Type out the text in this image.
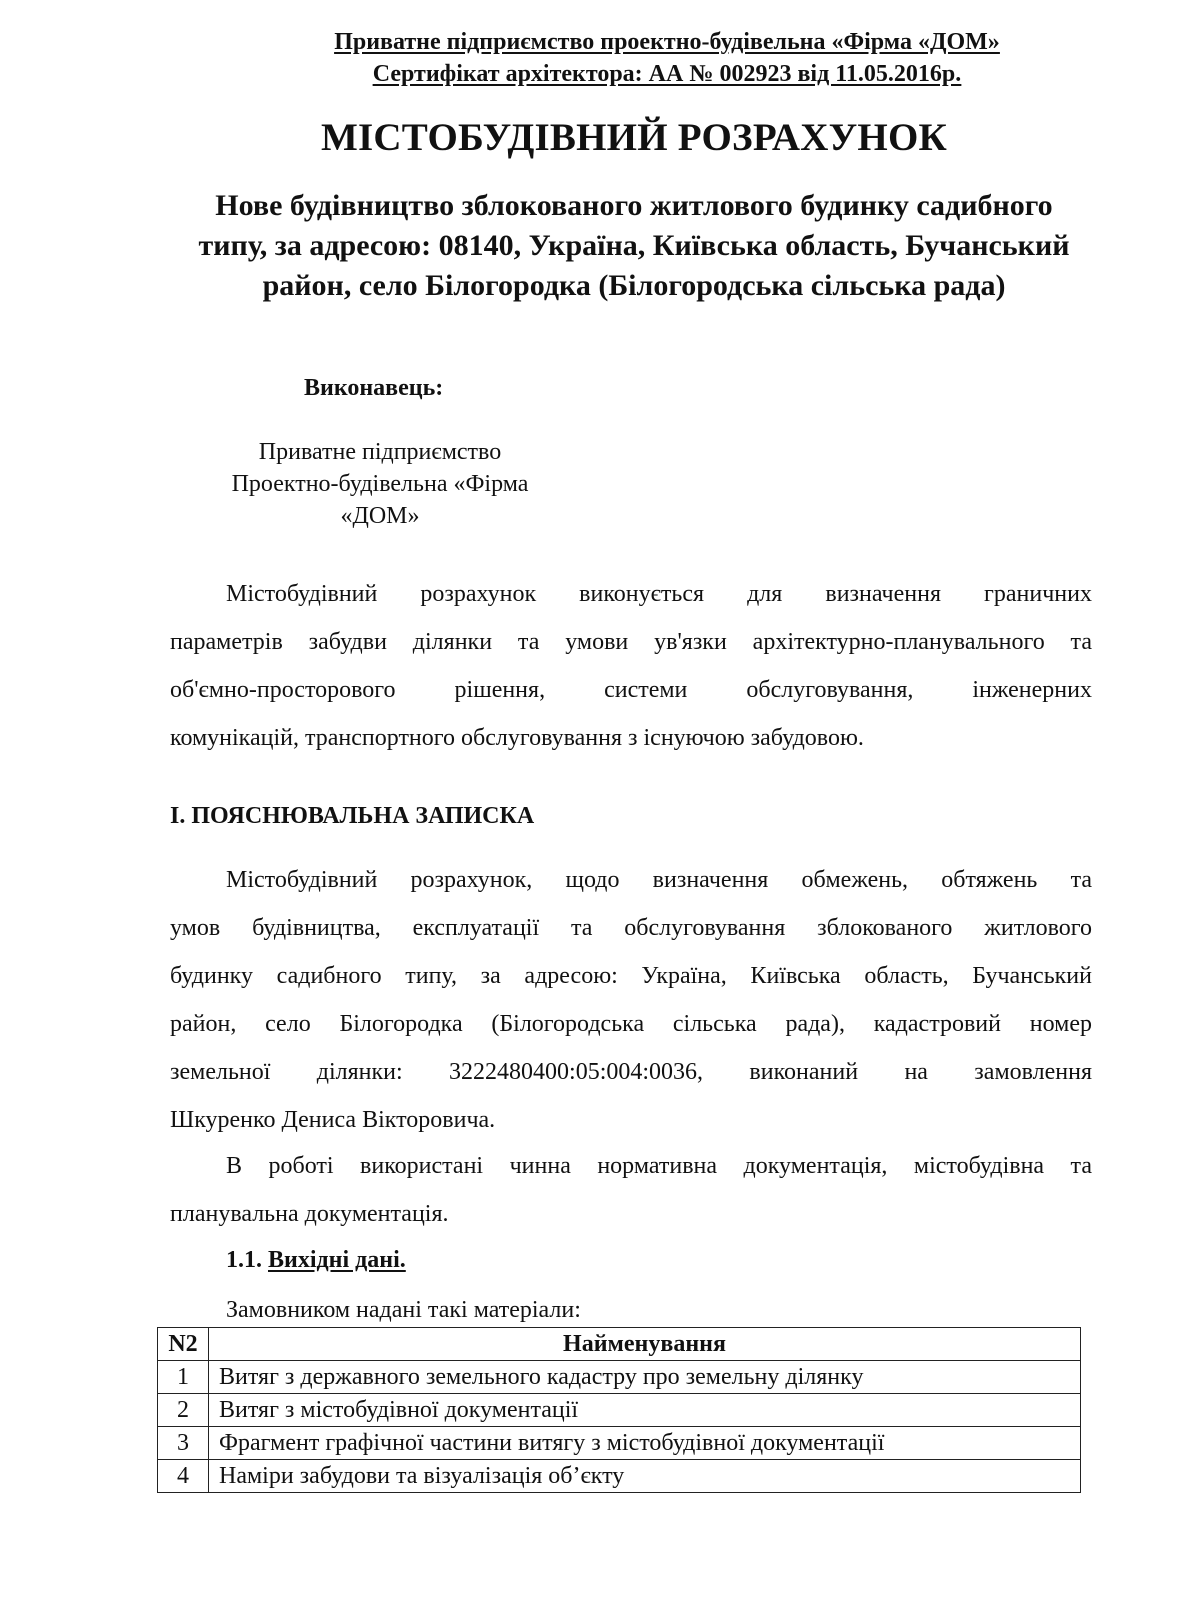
Приватне підприємство проектно-будівельна «Фірма «ДОМ»
Сертифікат архітектора: АА № 002923 від 11.05.2016р.
МІСТОБУДІВНИЙ РОЗРАХУНОК
Нове будівництво зблокованого житлового будинку садибного
типу, за адресою: 08140, Україна, Київська область, Бучанський
район, село Білогородка (Білогородська сільська рада)
Виконавець:
Приватне підприємство
Проектно-будівельна «Фірма
«ДОМ»
Містобудівний розрахунок виконується для визначення граничних
параметрів забудви ділянки та умови ув'язки архітектурно-планувального та
об'ємно-просторового рішення, системи обслуговування, інженерних
комунікацій, транспортного обслуговування з існуючою забудовою.
І. ПОЯСНЮВАЛЬНА ЗАПИСКА
Містобудівний розрахунок, щодо визначення обмежень, обтяжень та
умов будівництва, експлуатації та обслуговування зблокованого житлового
будинку садибного типу, за адресою: Україна, Київська область, Бучанський
район, село Білогородка (Білогородська сільська рада), кадастровий номер
земельної ділянки: 3222480400:05:004:0036, виконаний на замовлення
Шкуренко Дениса Вікторовича.
В роботі використані чинна нормативна документація, містобудівна та
планувальна документація.
1.1. Вихідні дані.
Замовником надані такі матеріали:
N2	Найменування
1	Витяг з державного земельного кадастру про земельну ділянку
2	Витяг з містобудівної документації
3	Фрагмент графічної частини витягу з містобудівної документації
4	Наміри забудови та візуалізація об’єкту
